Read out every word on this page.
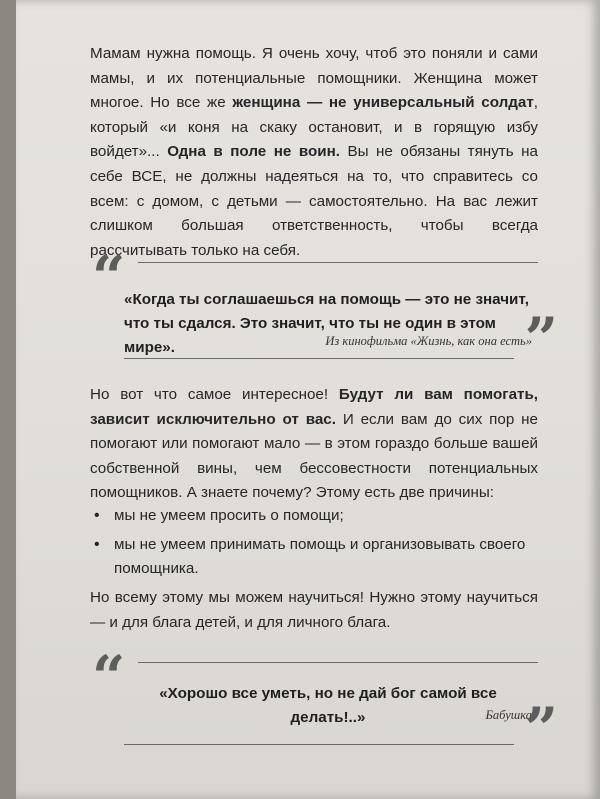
Мамам нужна помощь. Я очень хочу, чтоб это поняли и сами мамы, и их потенциальные помощники. Женщина может многое. Но все же женщина — не универсальный солдат, который «и коня на скаку остановит, и в горящую избу войдет»... Одна в поле не воин. Вы не обязаны тянуть на себе ВСЕ, не должны надеяться на то, что справитесь со всем: с домом, с детьми — самостоятельно. На вас лежит слишком большая ответственность, чтобы всегда рассчитывать только на себя.
“
«Когда ты соглашаешься на помощь — это не значит, что ты сдался. Это значит, что ты не один в этом мире».	Из кинофильма «Жизнь, как она есть»
”
Но вот что самое интересное! Будут ли вам помогать, зависит исключительно от вас. И если вам до сих пор не помогают или помогают мало — в этом гораздо больше вашей собственной вины, чем бессовестности потенциальных помощников. А знаете почему? Этому есть две причины:
• мы не умеем просить о помощи;
• мы не умеем принимать помощь и организовывать своего помощника.
Но всему этому мы можем научиться! Нужно этому научиться — и для блага детей, и для личного блага.
“	«Хорошо все уметь, но не дай бог самой все делать!..»	Бабушка
”
